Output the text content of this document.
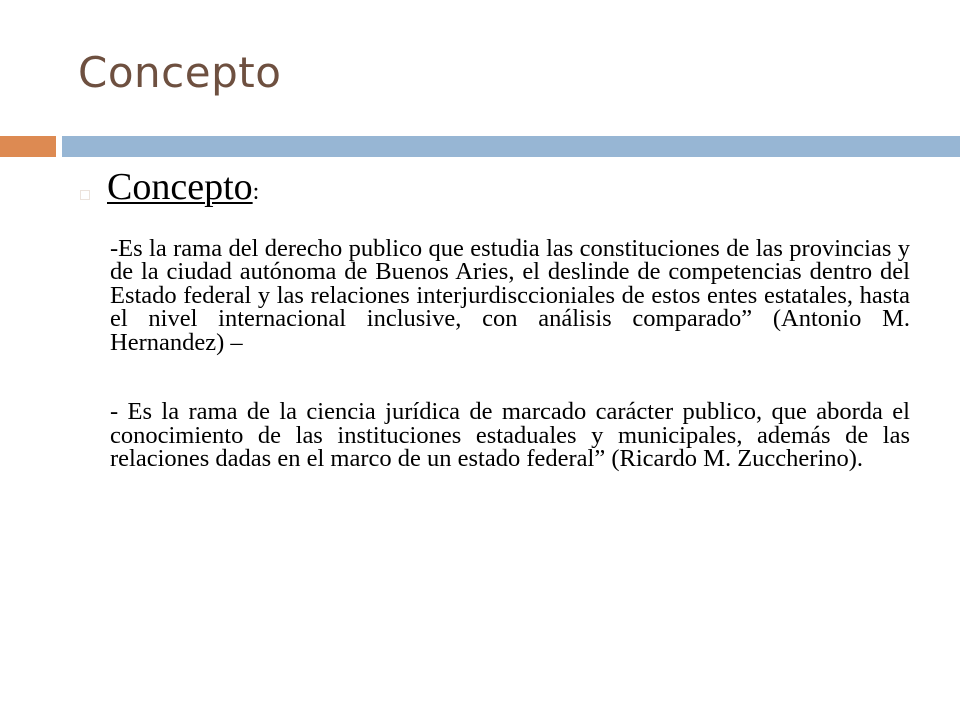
Concepto
Concepto:
-Es la rama del derecho publico que estudia las constituciones de las provincias y de la ciudad autónoma de Buenos Aries, el deslinde de competencias dentro del Estado federal y las relaciones interjurdisccioniales de estos entes estatales, hasta el nivel internacional inclusive, con análisis comparado” (Antonio M. Hernandez) –
- Es la rama de la ciencia jurídica de marcado carácter publico, que aborda el conocimiento de las instituciones estaduales y municipales, además de las relaciones dadas en el marco de un estado federal” (Ricardo M. Zuccherino).
